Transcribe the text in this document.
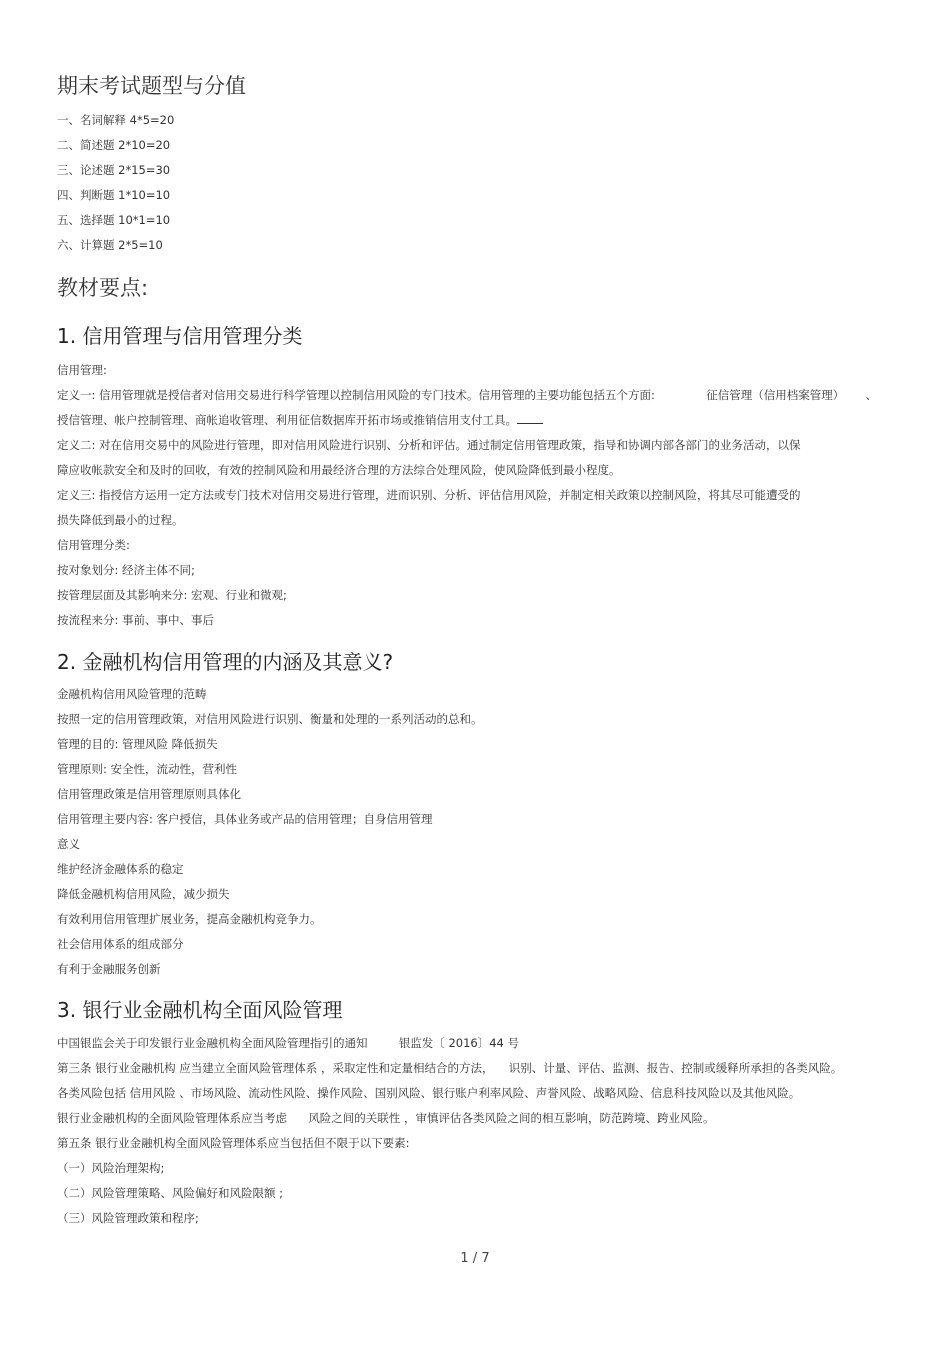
期末考试题型与分值
一、名词解释 4*5=20
二、简述题 2*10=20
三、论述题 2*15=30
四、判断题 1*10=10
五、选择题 10*1=10
六、计算题 2*5=10
教材要点:
1. 信用管理与信用管理分类
信用管理:
定义一: 信用管理就是授信者对信用交易进行科学管理以控制信用风险的专门技术。信用管理的主要功能包括五个方面:	征信管理（信用档案管理） 、
授信管理、帐户控制管理、商帐追收管理、利用征信数据库开拓市场或推销信用支付工具。
定义二: 对在信用交易中的风险进行管理，即对信用风险进行识别、分析和评估。通过制定信用管理政策，指导和协调内部各部门的业务活动，以保
障应收帐款安全和及时的回收，有效的控制风险和用最经济合理的方法综合处理风险，使风险降低到最小程度。
定义三: 指授信方运用一定方法或专门技术对信用交易进行管理，进而识别、分析、评估信用风险，并制定相关政策以控制风险，将其尽可能遭受的
损失降低到最小的过程。
信用管理分类:
按对象划分: 经济主体不同;
按管理层面及其影响来分: 宏观、行业和微观;
按流程来分: 事前、事中、事后
2. 金融机构信用管理的内涵及其意义?
金融机构信用风险管理的范畴
按照一定的信用管理政策，对信用风险进行识别、衡量和处理的一系列活动的总和。
管理的目的: 管理风险 降低损失
管理原则: 安全性，流动性，营利性
信用管理政策是信用管理原则具体化
信用管理主要内容: 客户授信，具体业务或产品的信用管理；自身信用管理
意义
维护经济金融体系的稳定
降低金融机构信用风险，减少损失
有效利用信用管理扩展业务，提高金融机构竞争力。
社会信用体系的组成部分
有利于金融服务创新
3. 银行业金融机构全面风险管理
中国银监会关于印发银行业金融机构全面风险管理指引的通知	银监发〔 2016〕44 号
第三条 银行业金融机构 应当建立全面风险管理体系 ，采取定性和定量相结合的方法， 识别、计量、评估、监测、报告、控制或缓释所承担的各类风险。
各类风险包括 信用风险 、市场风险、流动性风险、操作风险、国别风险、银行账户利率风险、声誉风险、战略风险、信息科技风险以及其他风险。
银行业金融机构的全面风险管理体系应当考虑 风险之间的关联性 ，审慎评估各类风险之间的相互影响，防范跨境、跨业风险。
第五条 银行业金融机构全面风险管理体系应当包括但不限于以下要素:
（一）风险治理架构;
（二）风险管理策略、风险偏好和风险限额 ;
（三）风险管理政策和程序;
1 / 7
